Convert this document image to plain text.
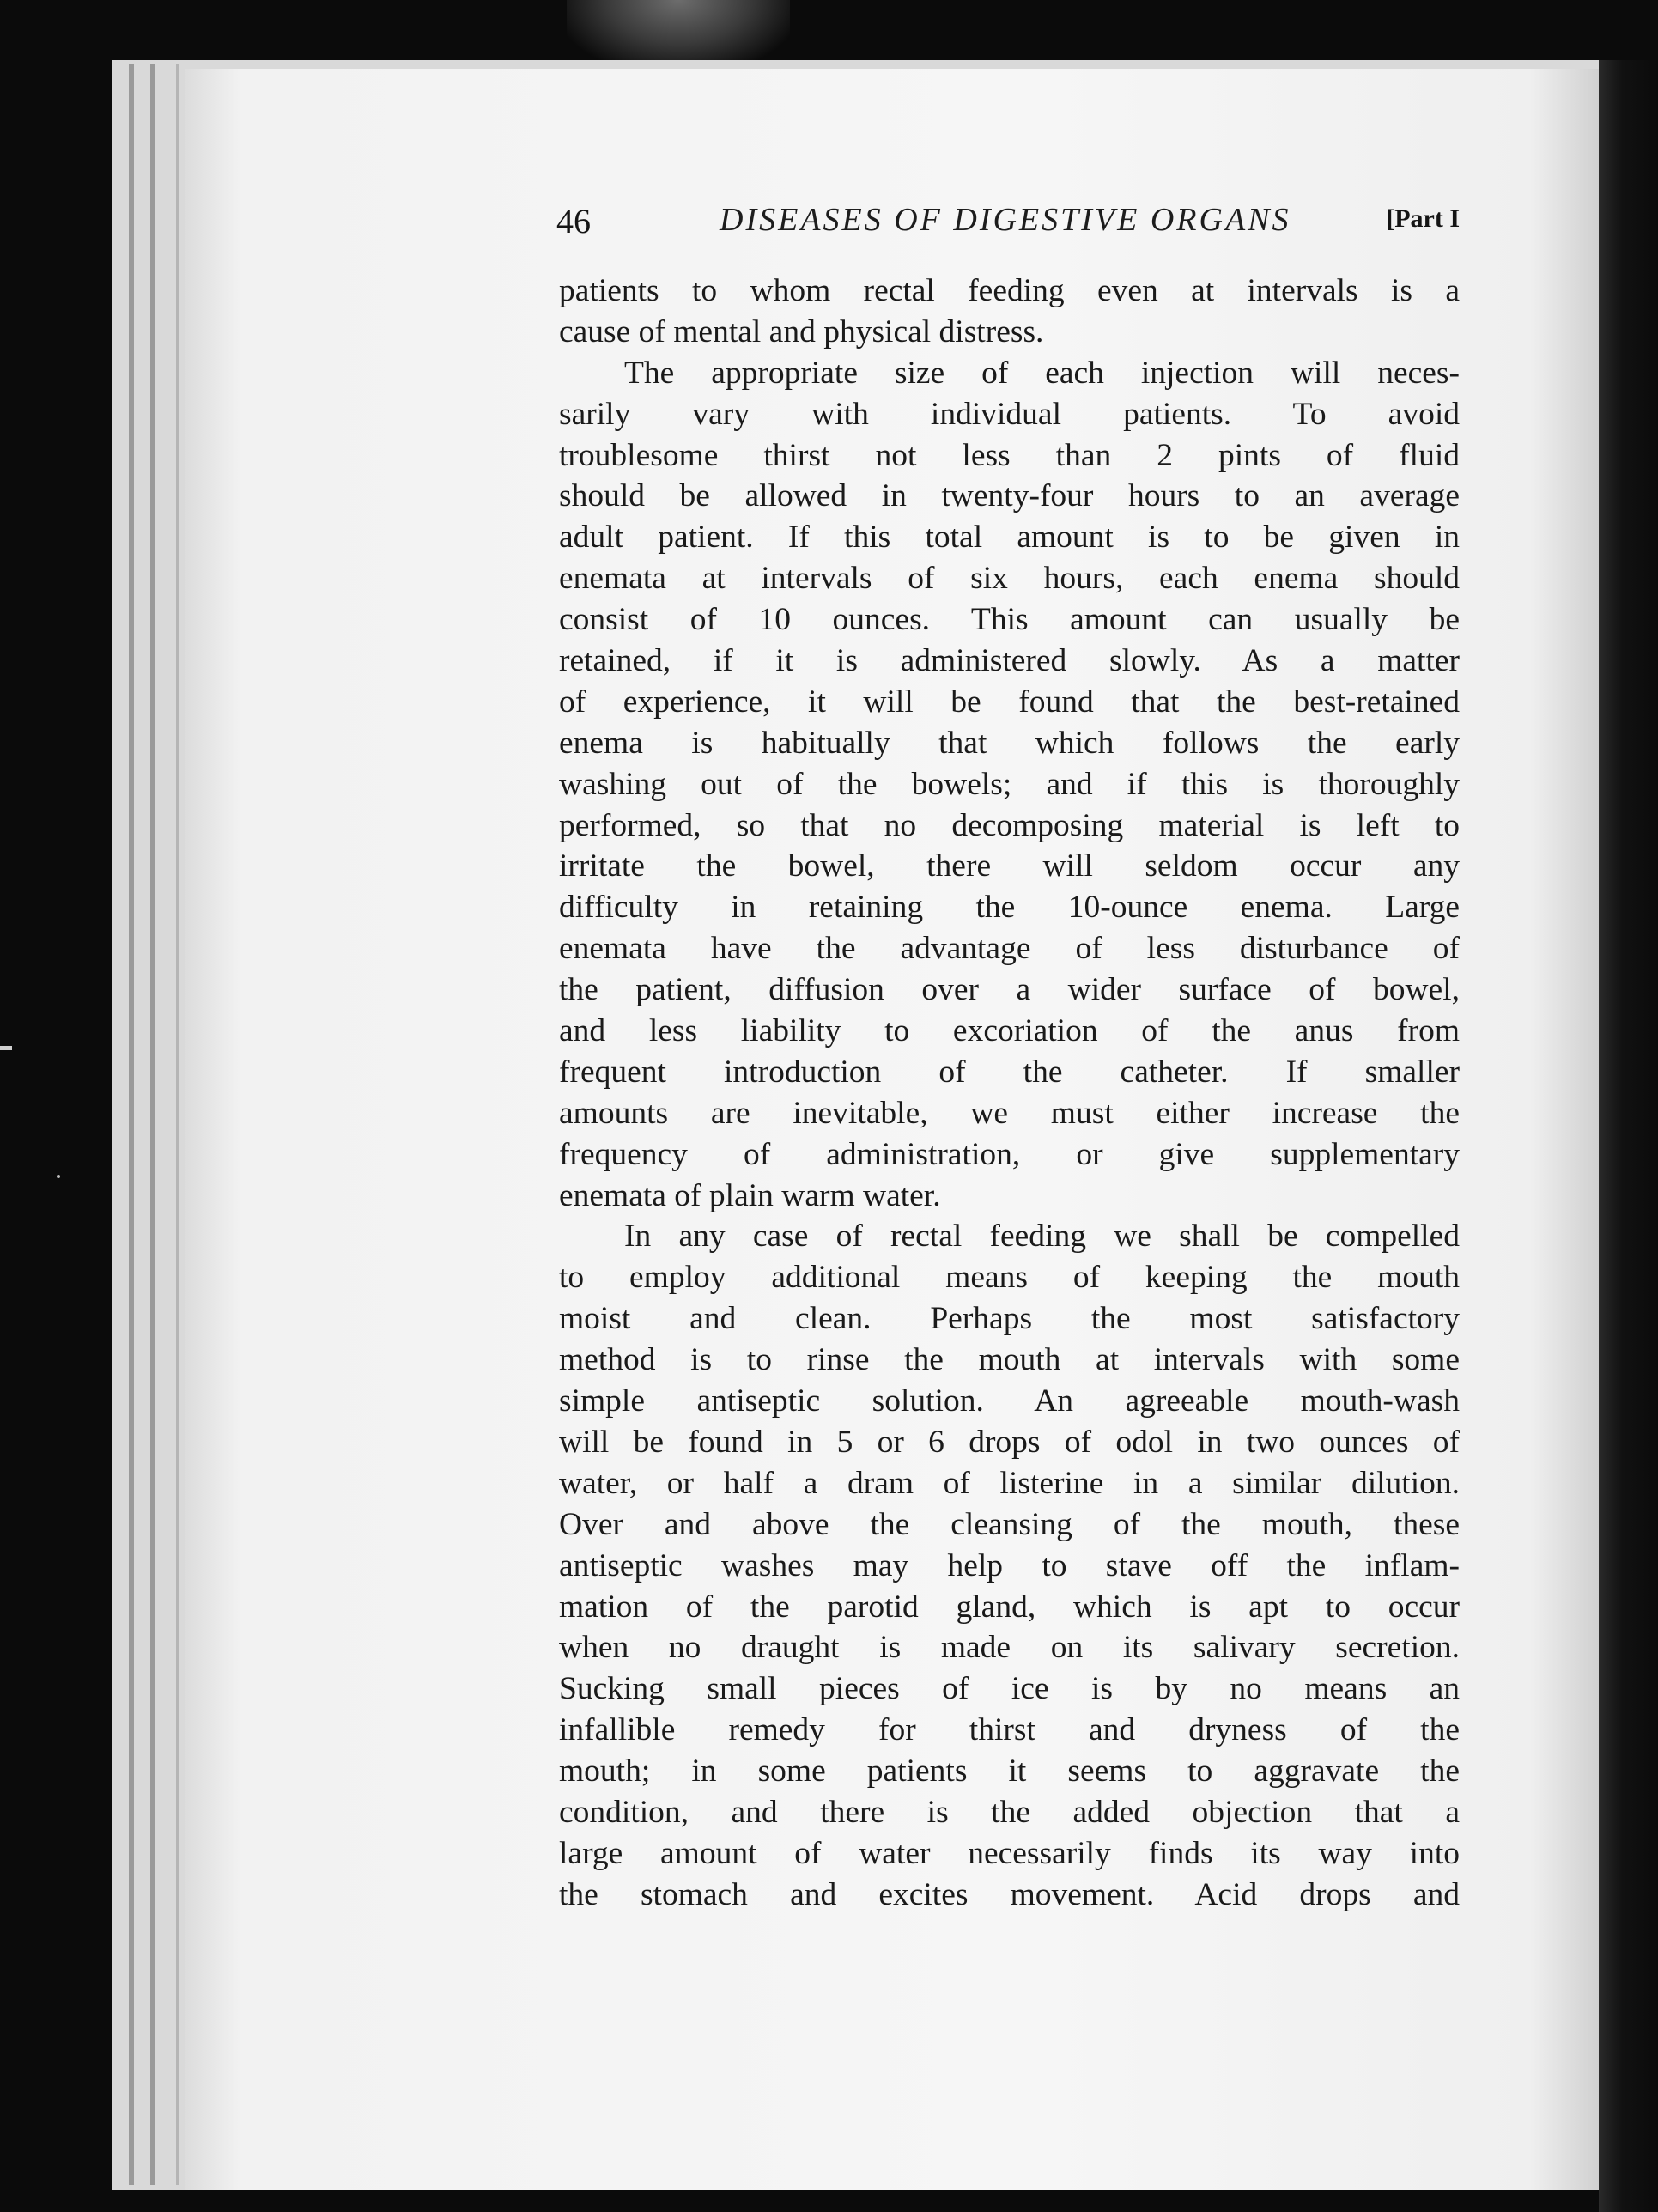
46	DISEASES OF DIGESTIVE ORGANS	[Part I
patients to whom rectal feeding even at intervals is a
cause of mental and physical distress.
The appropriate size of each injection will neces-
sarily vary with individual patients. To avoid
troublesome thirst not less than 2 pints of fluid
should be allowed in twenty-four hours to an average
adult patient. If this total amount is to be given in
enemata at intervals of six hours, each enema should
consist of 10 ounces. This amount can usually be
retained, if it is administered slowly. As a matter
of experience, it will be found that the best-retained
enema is habitually that which follows the early
washing out of the bowels; and if this is thoroughly
performed, so that no decomposing material is left to
irritate the bowel, there will seldom occur any
difficulty in retaining the 10-ounce enema. Large
enemata have the advantage of less disturbance of
the patient, diffusion over a wider surface of bowel,
and less liability to excoriation of the anus from
frequent introduction of the catheter. If smaller
amounts are inevitable, we must either increase the
frequency of administration, or give supplementary
enemata of plain warm water.
In any case of rectal feeding we shall be compelled
to employ additional means of keeping the mouth
moist and clean. Perhaps the most satisfactory
method is to rinse the mouth at intervals with some
simple antiseptic solution. An agreeable mouth-wash
will be found in 5 or 6 drops of odol in two ounces of
water, or half a dram of listerine in a similar dilution.
Over and above the cleansing of the mouth, these
antiseptic washes may help to stave off the inflam-
mation of the parotid gland, which is apt to occur
when no draught is made on its salivary secretion.
Sucking small pieces of ice is by no means an
infallible remedy for thirst and dryness of the
mouth; in some patients it seems to aggravate the
condition, and there is the added objection that a
large amount of water necessarily finds its way into
the stomach and excites movement. Acid drops and
